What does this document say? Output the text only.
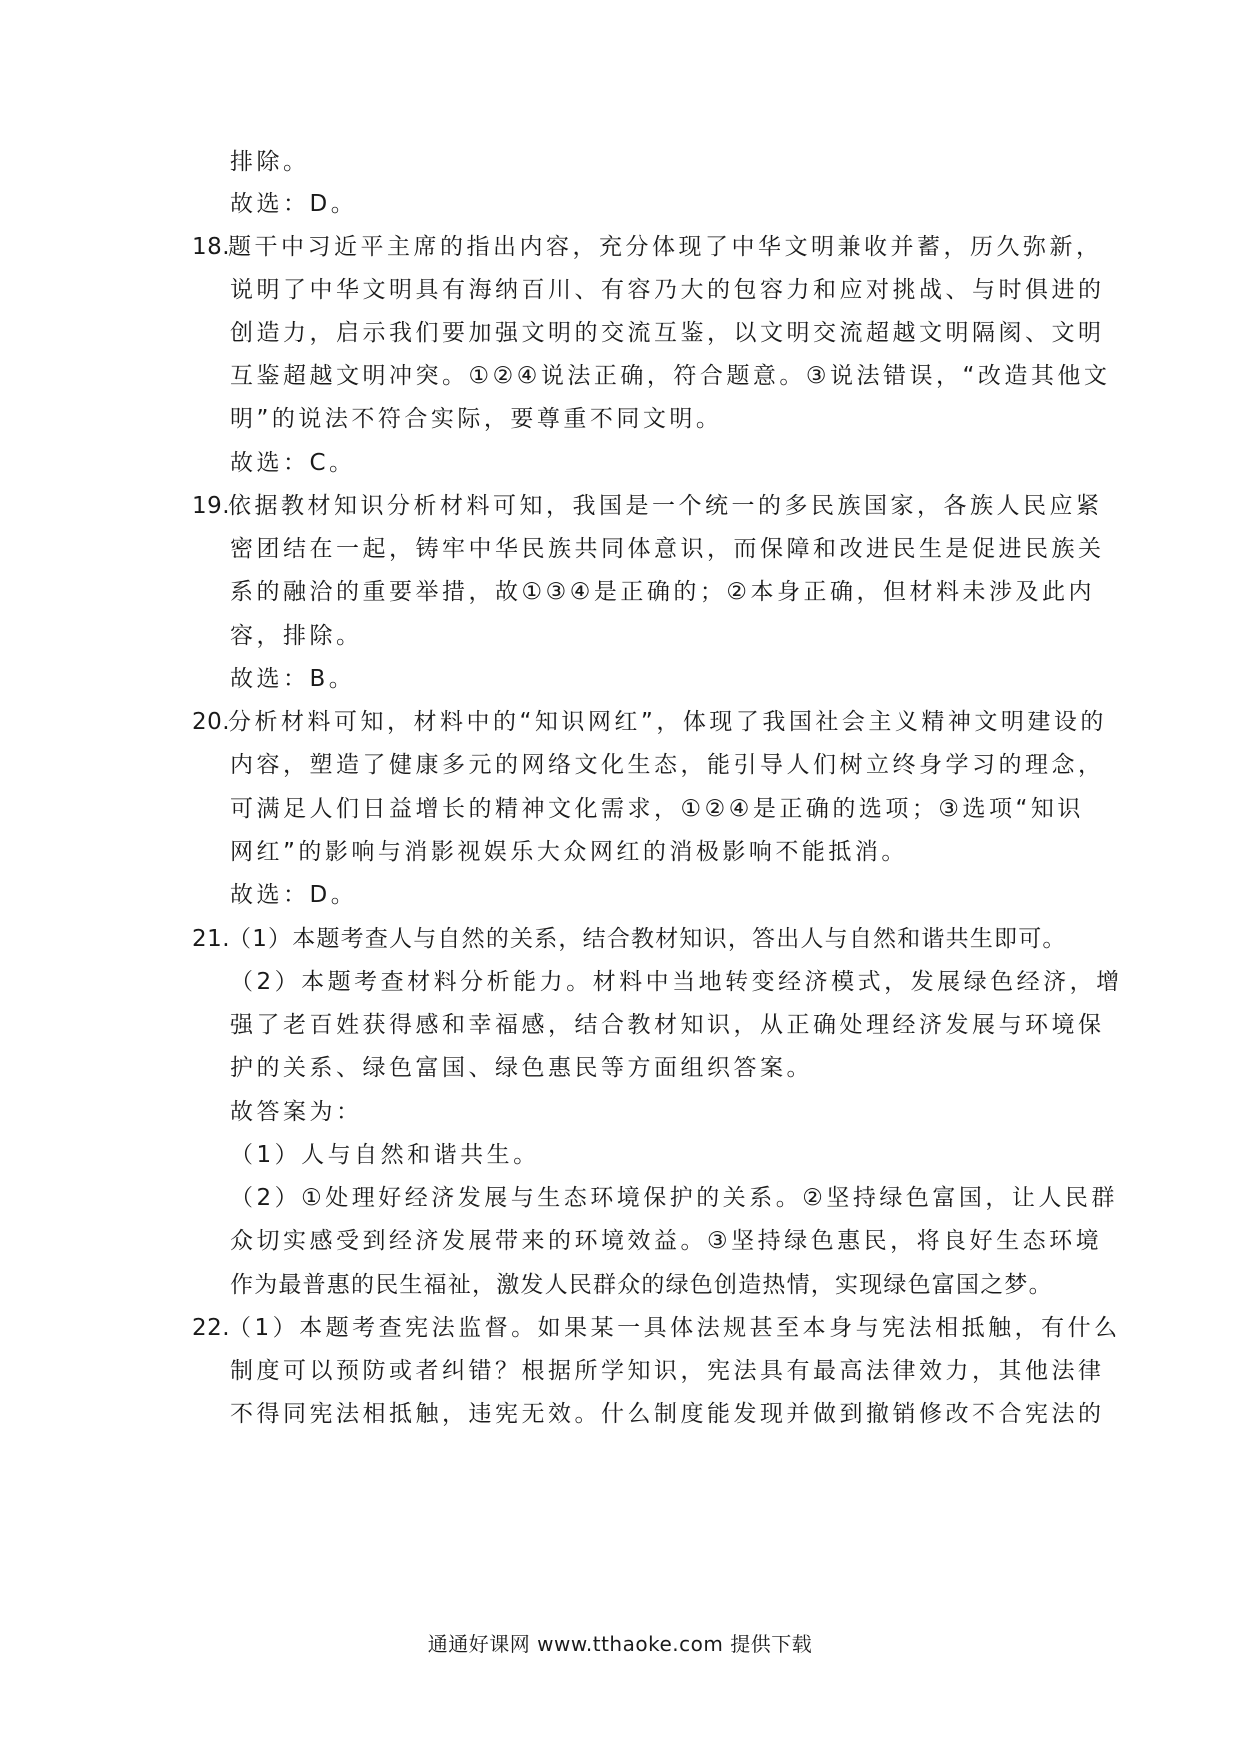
排除。
故选：D。
18.
题干中习近平主席的指出内容，充分体现了中华文明兼收并蓄，历久弥新，
说明了中华文明具有海纳百川、有容乃大的包容力和应对挑战、与时俱进的
创造力，启示我们要加强文明的交流互鉴，以文明交流超越文明隔阂、文明
互鉴超越文明冲突。①②④说法正确，符合题意。③说法错误，“改造其他文
明”的说法不符合实际，要尊重不同文明。
故选：C。
19.
依据教材知识分析材料可知，我国是一个统一的多民族国家，各族人民应紧
密团结在一起，铸牢中华民族共同体意识，而保障和改进民生是促进民族关
系的融洽的重要举措，故①③④是正确的；②本身正确，但材料未涉及此内
容，排除。
故选：B。
20.
分析材料可知，材料中的“知识网红”，体现了我国社会主义精神文明建设的
内容，塑造了健康多元的网络文化生态，能引导人们树立终身学习的理念，
可满足人们日益增长的精神文化需求，①②④是正确的选项；③选项“知识
网红”的影响与消影视娱乐大众网红的消极影响不能抵消。
故选：D。
21.
（1）本题考查人与自然的关系，结合教材知识，答出人与自然和谐共生即可。
（2）本题考查材料分析能力。材料中当地转变经济模式，发展绿色经济，增
强了老百姓获得感和幸福感，结合教材知识，从正确处理经济发展与环境保
护的关系、绿色富国、绿色惠民等方面组织答案。
故答案为：
（1）人与自然和谐共生。
（2）①处理好经济发展与生态环境保护的关系。②坚持绿色富国，让人民群
众切实感受到经济发展带来的环境效益。③坚持绿色惠民，将良好生态环境
作为最普惠的民生福祉，激发人民群众的绿色创造热情，实现绿色富国之梦。
22.
（1）本题考查宪法监督。如果某一具体法规甚至本身与宪法相抵触，有什么
制度可以预防或者纠错？根据所学知识，宪法具有最高法律效力，其他法律
不得同宪法相抵触，违宪无效。什么制度能发现并做到撤销修改不合宪法的
通通好课网 www.tthaoke.com 提供下载
